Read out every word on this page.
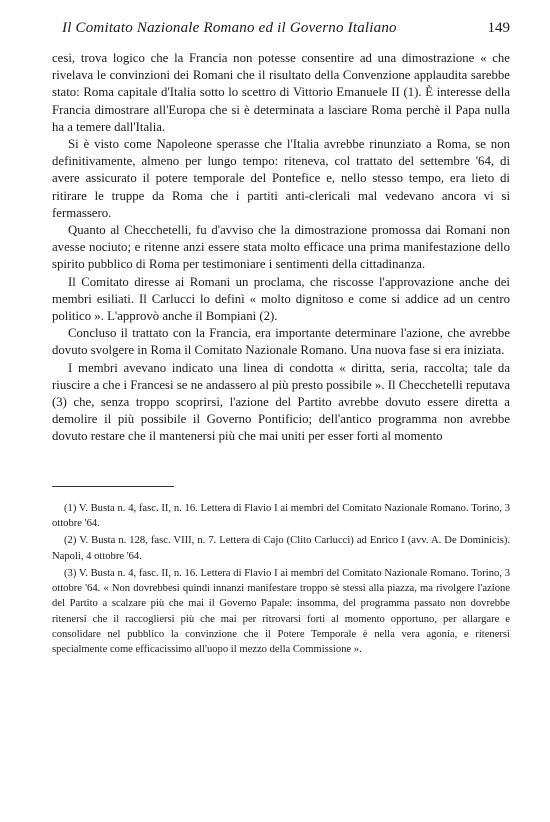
Il Comitato Nazionale Romano ed il Governo Italiano	149

cesi, trova logico che la Francia non potesse consentire ad una dimostrazione « che rivelava le convinzioni dei Romani che il risultato della Convenzione applaudita sarebbe stato: Roma capitale d'Italia sotto lo scettro di Vittorio Emanuele II (1). È interesse della Francia dimostrare all'Europa che si è determinata a lasciare Roma perchè il Papa nulla ha a temere dall'Italia.

Si è visto come Napoleone sperasse che l'Italia avrebbe rinunziato a Roma, se non definitivamente, almeno per lungo tempo: riteneva, col trattato del settembre '64, di avere assicurato il potere temporale del Pontefice e, nello stesso tempo, era lieto di ritirare le truppe da Roma che i partiti anti-clericali mal vedevano ancora vi si fermassero.

Quanto al Checchetelli, fu d'avviso che la dimostrazione promossa dai Romani non avesse nociuto; e ritenne anzi essere stata molto efficace una prima manifestazione dello spirito pubblico di Roma per testimoniare i sentimenti della cittadinanza.

Il Comitato diresse ai Romani un proclama, che riscosse l'approvazione anche dei membri esiliati. Il Carlucci lo definì « molto dignitoso e come si addice ad un centro politico ». L'approvò anche il Bompiani (2).

Concluso il trattato con la Francia, era importante determinare l'azione, che avrebbe dovuto svolgere in Roma il Comitato Nazionale Romano. Una nuova fase si era iniziata.

I membri avevano indicato una linea di condotta « diritta, seria, raccolta; tale da riuscire a che i Francesi se ne andassero al più presto possibile ». Il Checchetelli reputava (3) che, senza troppo scoprirsi, l'azione del Partito avrebbe dovuto essere diretta a demolire il più possibile il Governo Pontificio; dell'antico programma non avrebbe dovuto restare che il mantenersi più che mai uniti per esser forti al momento

(1) V. Busta n. 4, fasc. II, n. 16. Lettera di Flavio I ai membri del Comitato Nazionale Romano. Torino, 3 ottobre '64.

(2) V. Busta n. 128, fasc. VIII, n. 7. Lettera di Cajo (Clito Carlucci) ad Enrico I (avv. A. De Dominicis). Napoli, 4 ottobre '64.

(3) V. Busta n. 4, fasc. II, n. 16. Lettera di Flavio I ai membri del Comitato Nazionale Romano. Torino, 3 ottobre '64. « Non dovrebbesi quindi innanzi manifestare troppo sè stessi alla piazza, ma rivolgere l'azione del Partito a scalzare più che mai il Governo Papale: insomma, del programma passato non dovrebbe ritenersi che il raccogliersi più che mai per ritrovarsi forti al momento opportuno, per allargare e consolidare nel pubblico la convinzione che il Potere Temporale è nella vera agonia, e ritenersi specialmente come efficacissimo all'uopo il mezzo della Commissione ».
